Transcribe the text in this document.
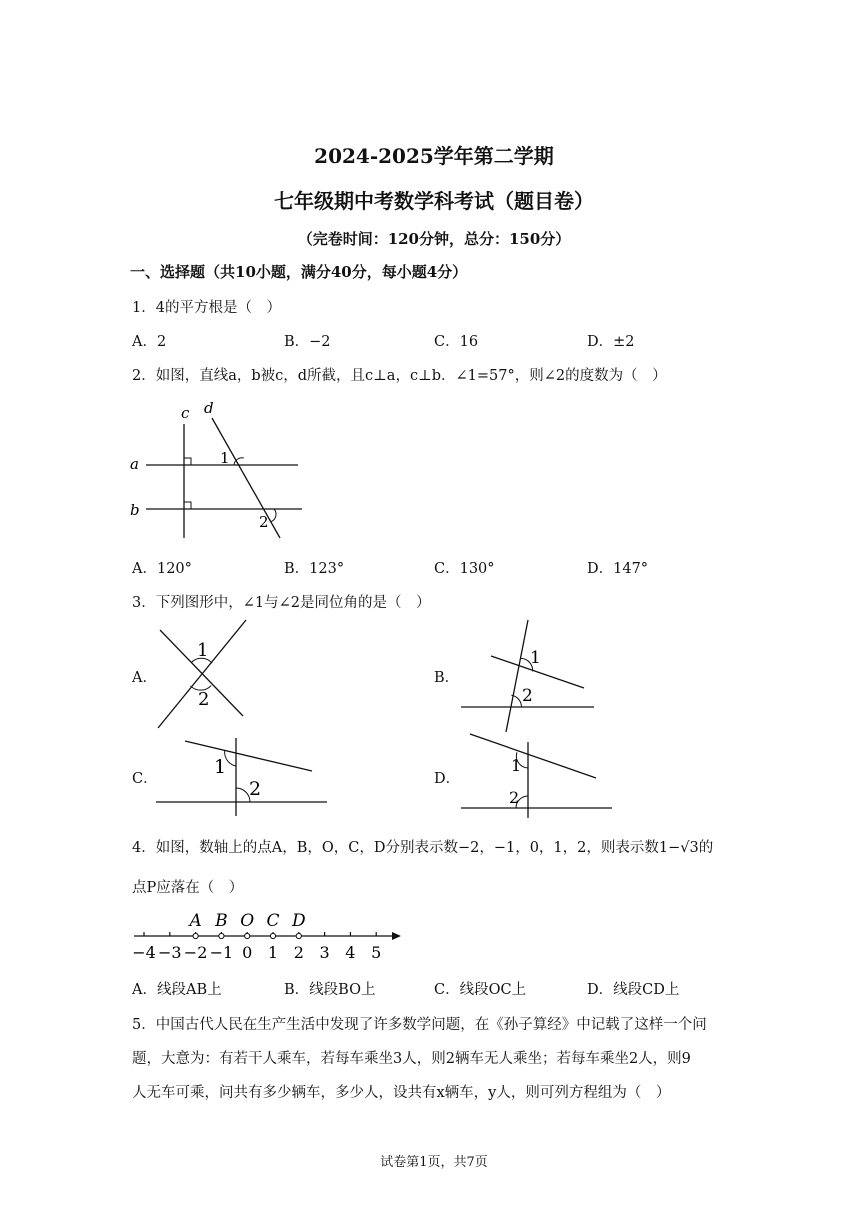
2024-2025学年第二学期
七年级期中考数学科考试（题目卷）
（完卷时间：120分钟，总分：150分）
一、选择题（共10小题，满分40分，每小题4分）
1．4的平方根是（　）
A．2	B．−2	C．16	D．±2
2．如图，直线a，b被c，d所截，且c⊥a，c⊥b．∠1=57°，则∠2的度数为（　）
c d
a
b
1
2
A．120°	B．123°	C．130°	D．147°
3．下列图形中，∠1与∠2是同位角的是（　）
A．
1
2
B．
1
2
C．
1
2	D．
1
2
4．如图，数轴上的点A，B，O，C，D分别表示数−2，−1，0，1，2，则表示数1−√3的
点P应落在（　）
−4 −3 −2 −1 0 1 2 3 4 5
A B O C D
A．线段AB上	B．线段BO上	C．线段OC上	D．线段CD上
5．中国古代人民在生产生活中发现了许多数学问题，在《孙子算经》中记载了这样一个问
题，大意为：有若干人乘车，若每车乘坐3人，则2辆车无人乘坐；若每车乘坐2人，则9
人无车可乘，问共有多少辆车，多少人，设共有x辆车，y人，则可列方程组为（　）
试卷第1页，共7页
